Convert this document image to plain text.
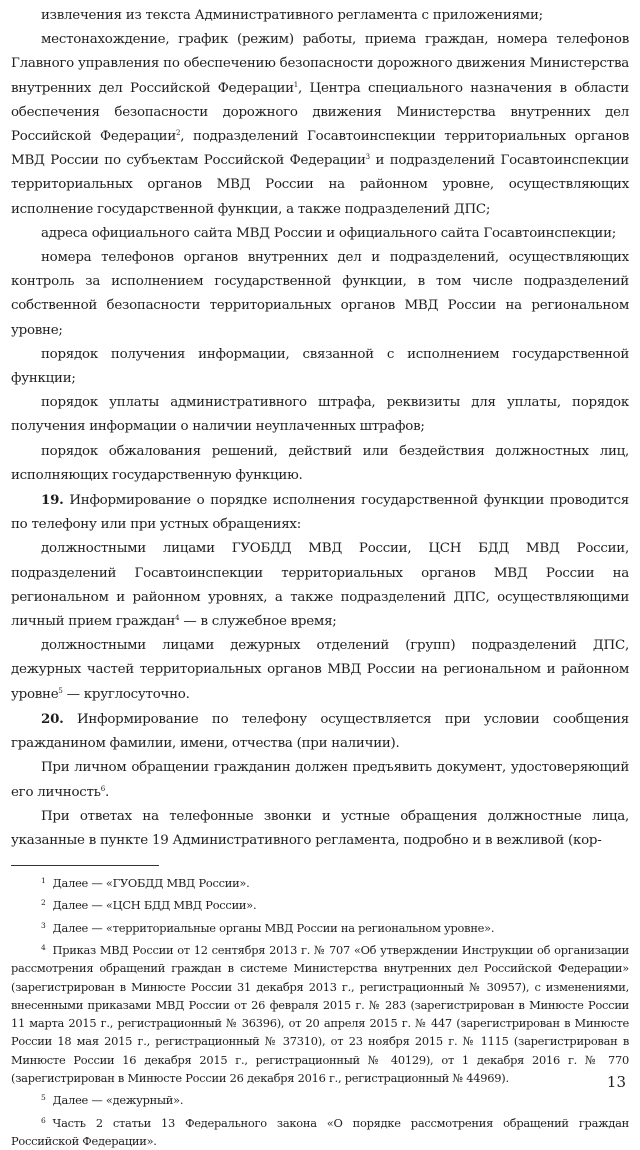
извлечения из текста Административного регламента с приложениями;

местонахождение, график (режим) работы, приема граждан, номера телефонов Главного управления по обеспечению безопасности дорожного движения Министерства внутренних дел Российской Федерации$^1$, Центра специального назначения в области обеспечения безопасности дорожного движения Министерства внутренних дел Российской Федерации$^2$, подразделений Госавтоинспекции территориальных органов МВД России по субъектам Российской Федерации$^3$ и подразделений Госавтоинспекции территориальных органов МВД России на районном уровне, осуществляющих исполнение государственной функции, а также подразделений ДПС;

адреса официального сайта МВД России и официального сайта Госавтоинспекции;

номера телефонов органов внутренних дел и подразделений, осуществляющих контроль за исполнением государственной функции, в том числе подразделений собственной безопасности территориальных органов МВД России на региональном уровне;

порядок получения информации, связанной с исполнением государственной функции;

порядок уплаты административного штрафа, реквизиты для уплаты, порядок получения информации о наличии неуплаченных штрафов;

порядок обжалования решений, действий или бездействия должностных лиц, исполняющих государственную функцию.

19. Информирование о порядке исполнения государственной функции проводится по телефону или при устных обращениях:

должностными лицами ГУОБДД МВД России, ЦСН БДД МВД России, подразделений Госавтоинспекции территориальных органов МВД России на региональном и районном уровнях, а также подразделений ДПС, осуществляющими личный прием граждан$^4$ — в служебное время;

должностными лицами дежурных отделений (групп) подразделений ДПС, дежурных частей территориальных органов МВД России на региональном и районном уровне$^5$ — круглосуточно.

20. Информирование по телефону осуществляется при условии сообщения гражданином фамилии, имени, отчества (при наличии).

При личном обращении гражданин должен предъявить документ, удостоверяющий его личность$^6$.

При ответах на телефонные звонки и устные обращения должностные лица, указанные в пункте 19 Административного регламента, подробно и в вежливой (кор-

$^1$ Далее — «ГУОБДД МВД России».

$^2$ Далее — «ЦСН БДД МВД России».

$^3$ Далее — «территориальные органы МВД России на региональном уровне».

$^4$ Приказ МВД России от 12 сентября 2013 г. № 707 «Об утверждении Инструкции об организации рассмотрения обращений граждан в системе Министерства внутренних дел Российской Федерации» (зарегистрирован в Минюсте России 31 декабря 2013 г., регистрационный № 30957), с изменениями, внесенными приказами МВД России от 26 февраля 2015 г. № 283 (зарегистрирован в Минюсте России 11 марта 2015 г., регистрационный № 36396), от 20 апреля 2015 г. № 447 (зарегистрирован в Минюсте России 18 мая 2015 г., регистрационный № 37310), от 23 ноября 2015 г. № 1115 (зарегистрирован в Минюсте России 16 декабря 2015 г., регистрационный № 40129), от 1 декабря 2016 г. № 770 (зарегистрирован в Минюсте России 26 декабря 2016 г., регистрационный № 44969).

$^5$ Далее — «дежурный».

$^6$ Часть 2 статьи 13 Федерального закона «О порядке рассмотрения обращений граждан Российской Федерации».

13
